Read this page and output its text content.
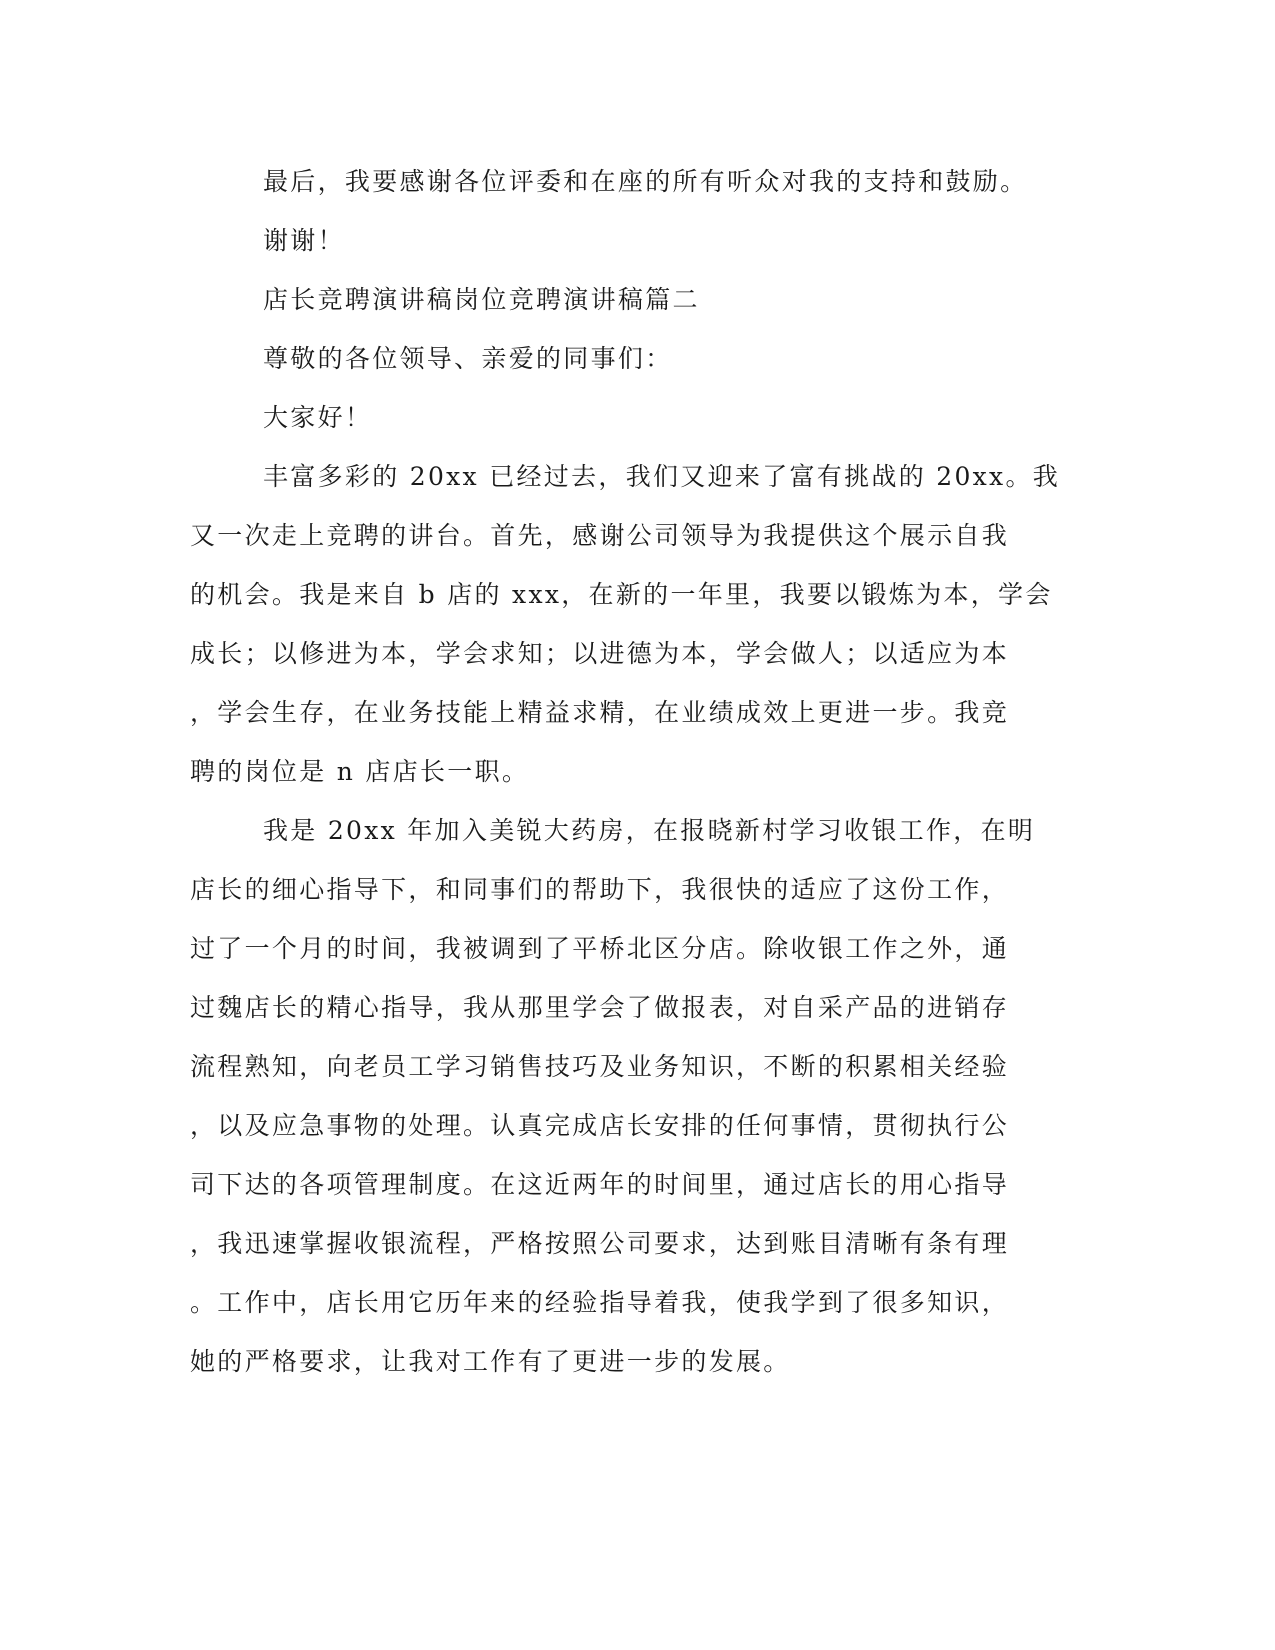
最后，我要感谢各位评委和在座的所有听众对我的支持和鼓励。

谢谢！

店长竞聘演讲稿岗位竞聘演讲稿篇二

尊敬的各位领导、亲爱的同事们：

大家好！

丰富多彩的 20xx 已经过去，我们又迎来了富有挑战的 20xx。我

又一次走上竞聘的讲台。首先，感谢公司领导为我提供这个展示自我

的机会。我是来自 b 店的 xxx，在新的一年里，我要以锻炼为本，学会

成长；以修进为本，学会求知；以进德为本，学会做人；以适应为本

，学会生存，在业务技能上精益求精，在业绩成效上更进一步。我竞

聘的岗位是 n 店店长一职。

我是 20xx 年加入美锐大药房，在报晓新村学习收银工作，在明

店长的细心指导下，和同事们的帮助下，我很快的适应了这份工作，

过了一个月的时间，我被调到了平桥北区分店。除收银工作之外，通

过魏店长的精心指导，我从那里学会了做报表，对自采产品的进销存

流程熟知，向老员工学习销售技巧及业务知识，不断的积累相关经验

，以及应急事物的处理。认真完成店长安排的任何事情，贯彻执行公

司下达的各项管理制度。在这近两年的时间里，通过店长的用心指导

，我迅速掌握收银流程，严格按照公司要求，达到账目清晰有条有理

。工作中，店长用它历年来的经验指导着我，使我学到了很多知识，

她的严格要求，让我对工作有了更进一步的发展。
